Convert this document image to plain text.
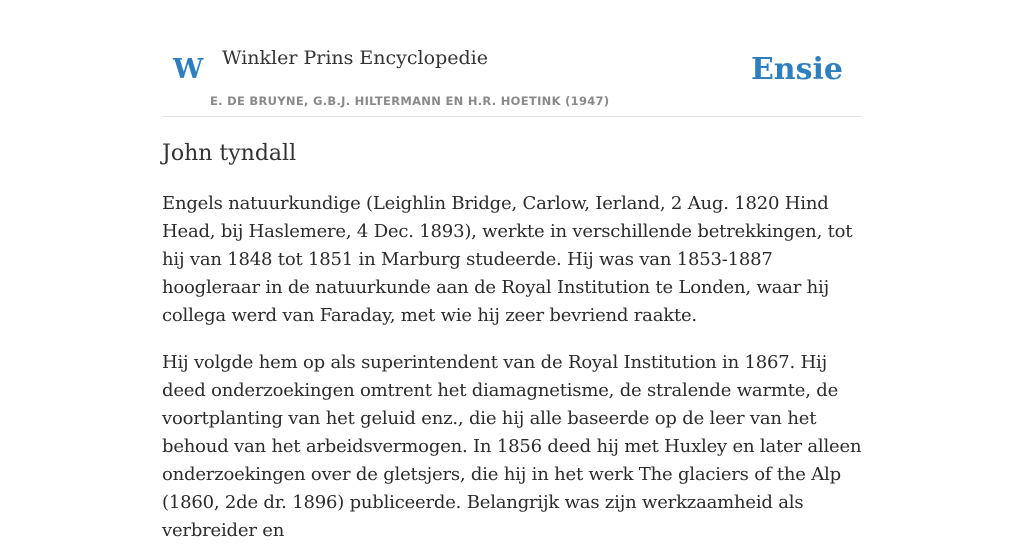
W Winkler Prins Encyclopedie
E. DE BRUYNE, G.B.J. HILTERMANN EN H.R. HOETINK (1947)
Ensie
John tyndall

Engels natuurkundige (Leighlin Bridge, Carlow, Ierland, 2 Aug. 1820 Hind Head, bij Haslemere, 4 Dec. 1893), werkte in verschillende betrekkingen, tot hij van 1848 tot 1851 in Marburg studeerde. Hij was van 1853-1887 hoogleraar in de natuurkunde aan de Royal Institution te Londen, waar hij collega werd van Faraday, met wie hij zeer bevriend raakte.

Hij volgde hem op als superintendent van de Royal Institution in 1867. Hij deed onderzoekingen omtrent het diamagnetisme, de stralende warmte, de voortplanting van het geluid enz., die hij alle baseerde op de leer van het behoud van het arbeidsvermogen. In 1856 deed hij met Huxley en later alleen onderzoekingen over de gletsjers, die hij in het werk The glaciers of the Alp (1860, 2de dr. 1896) publiceerde. Belangrijk was zijn werkzaamheid als verbreider en
